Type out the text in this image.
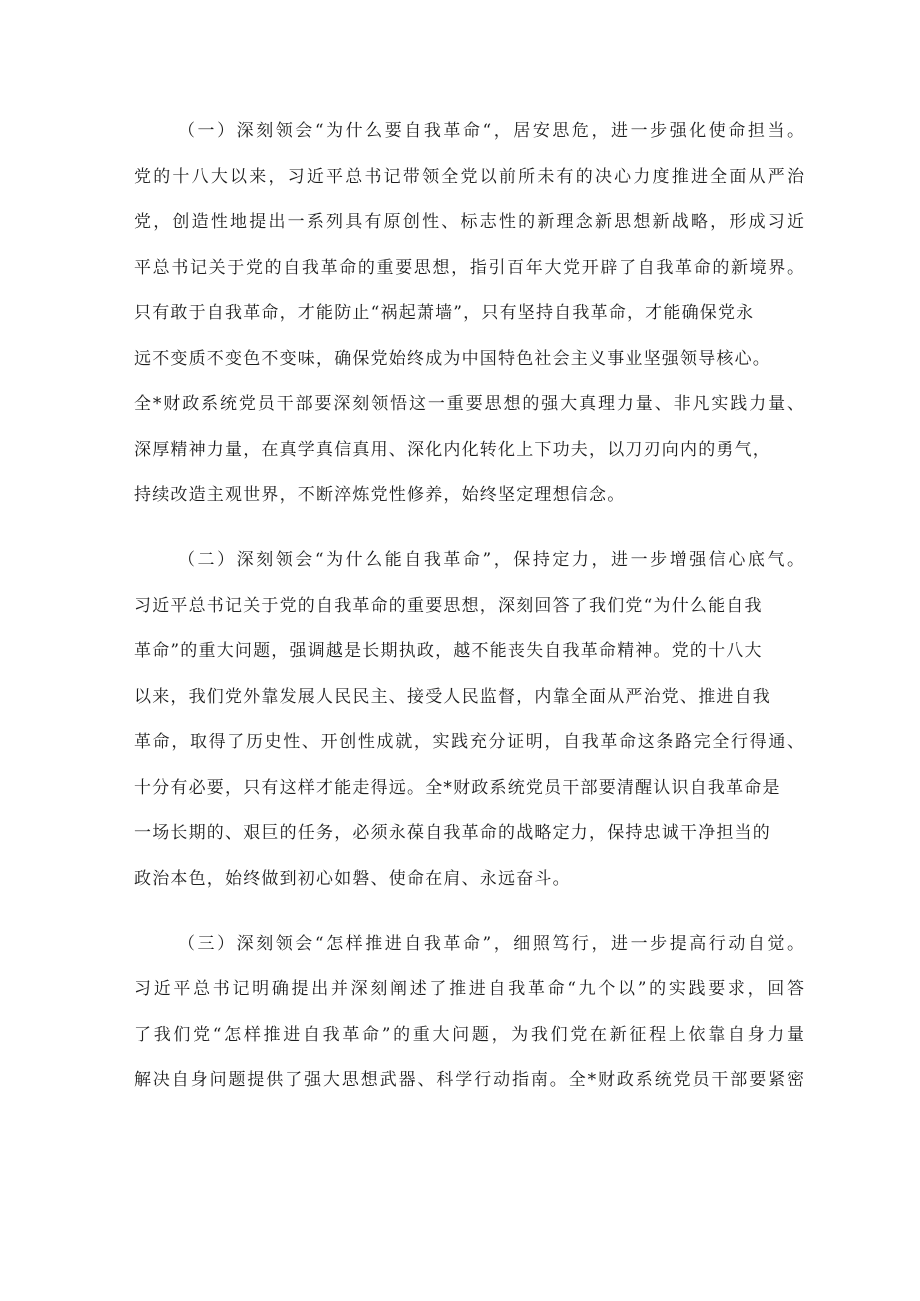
（一）深刻领会“为什么要自我革命“，居安思危，进一步强化使命担当。
党的十八大以来，习近平总书记带领全党以前所未有的决心力度推进全面从严治
党，创造性地提出一系列具有原创性、标志性的新理念新思想新战略，形成习近
平总书记关于党的自我革命的重要思想，指引百年大党开辟了自我革命的新境界。
只有敢于自我革命，才能防止“祸起萧墙”，只有坚持自我革命，才能确保党永
远不变质不变色不变味，确保党始终成为中国特色社会主义事业坚强领导核心。
全*财政系统党员干部要深刻领悟这一重要思想的强大真理力量、非凡实践力量、
深厚精神力量，在真学真信真用、深化内化转化上下功夫，以刀刃向内的勇气，
持续改造主观世界，不断淬炼党性修养，始终坚定理想信念。
（二）深刻领会“为什么能自我革命”，保持定力，进一步增强信心底气。
习近平总书记关于党的自我革命的重要思想，深刻回答了我们党“为什么能自我
革命”的重大问题，强调越是长期执政，越不能丧失自我革命精神。党的十八大
以来，我们党外靠发展人民民主、接受人民监督，内靠全面从严治党、推进自我
革命，取得了历史性、开创性成就，实践充分证明，自我革命这条路完全行得通、
十分有必要，只有这样才能走得远。全*财政系统党员干部要清醒认识自我革命是
一场长期的、艰巨的任务，必须永葆自我革命的战略定力，保持忠诚干净担当的
政治本色，始终做到初心如磐、使命在肩、永远奋斗。
（三）深刻领会“怎样推进自我革命”，细照笃行，进一步提高行动自觉。
习近平总书记明确提出并深刻阐述了推进自我革命“九个以”的实践要求，回答
了我们党“怎样推进自我革命”的重大问题，为我们党在新征程上依靠自身力量
解决自身问题提供了强大思想武器、科学行动指南。全*财政系统党员干部要紧密
